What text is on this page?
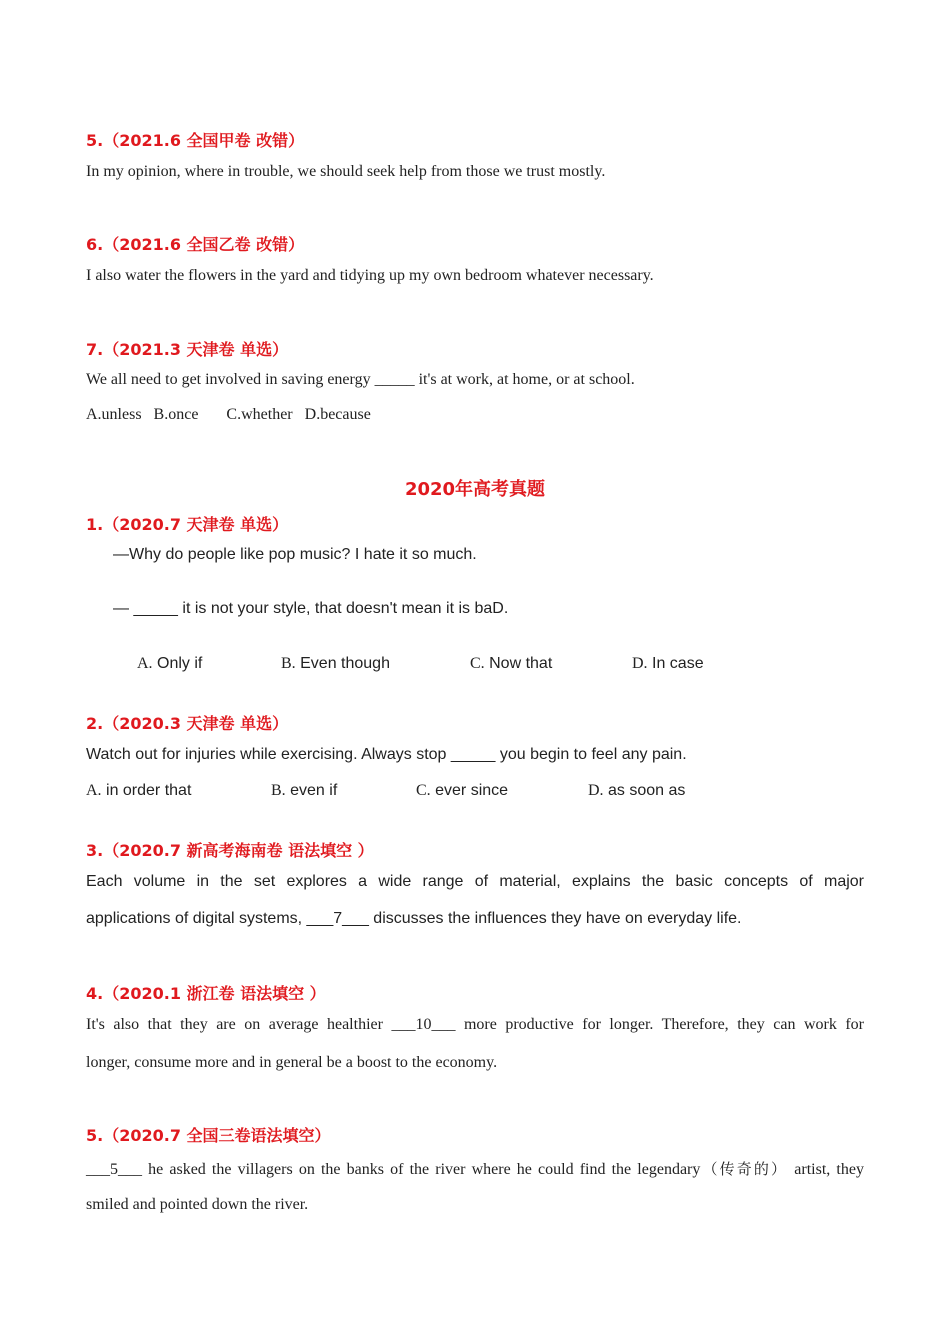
5.（2021.6 全国甲卷 改错）
In my opinion, where in trouble, we should seek help from those we trust mostly.
6.（2021.6 全国乙卷 改错）
I also water the flowers in the yard and tidying up my own bedroom whatever necessary.
7.（2021.3 天津卷 单选）
We all need to get involved in saving energy _____ it's at work, at home, or at school.
A.unless   B.once       C.whether   D.because
2020年高考真题
1.（2020.7 天津卷 单选）
—Why do people like pop music? I hate it so much.
— _____ it is not your style, that doesn't mean it is baD.
A. Only if	B. Even though	C. Now that	D. In case
2.（2020.3 天津卷 单选）
Watch out for injuries while exercising. Always stop _____ you begin to feel any pain.
A. in order that	B. even if	C. ever since	D. as soon as
3.（2020.7 新高考海南卷 语法填空 ）
Each volume in the set explores a wide range of material, explains the basic concepts of major
applications of digital systems, ___7___ discusses the influences they have on everyday life.
4.（2020.1 浙江卷 语法填空 ）
It's also that they are on average healthier ___10___ more productive for longer. Therefore, they can work for
longer, consume more and in general be a boost to the economy.
5.（2020.7 全国三卷语法填空）
___5___ he asked the villagers on the banks of the river where he could find the legendary（传奇的） artist, they
smiled and pointed down the river.
